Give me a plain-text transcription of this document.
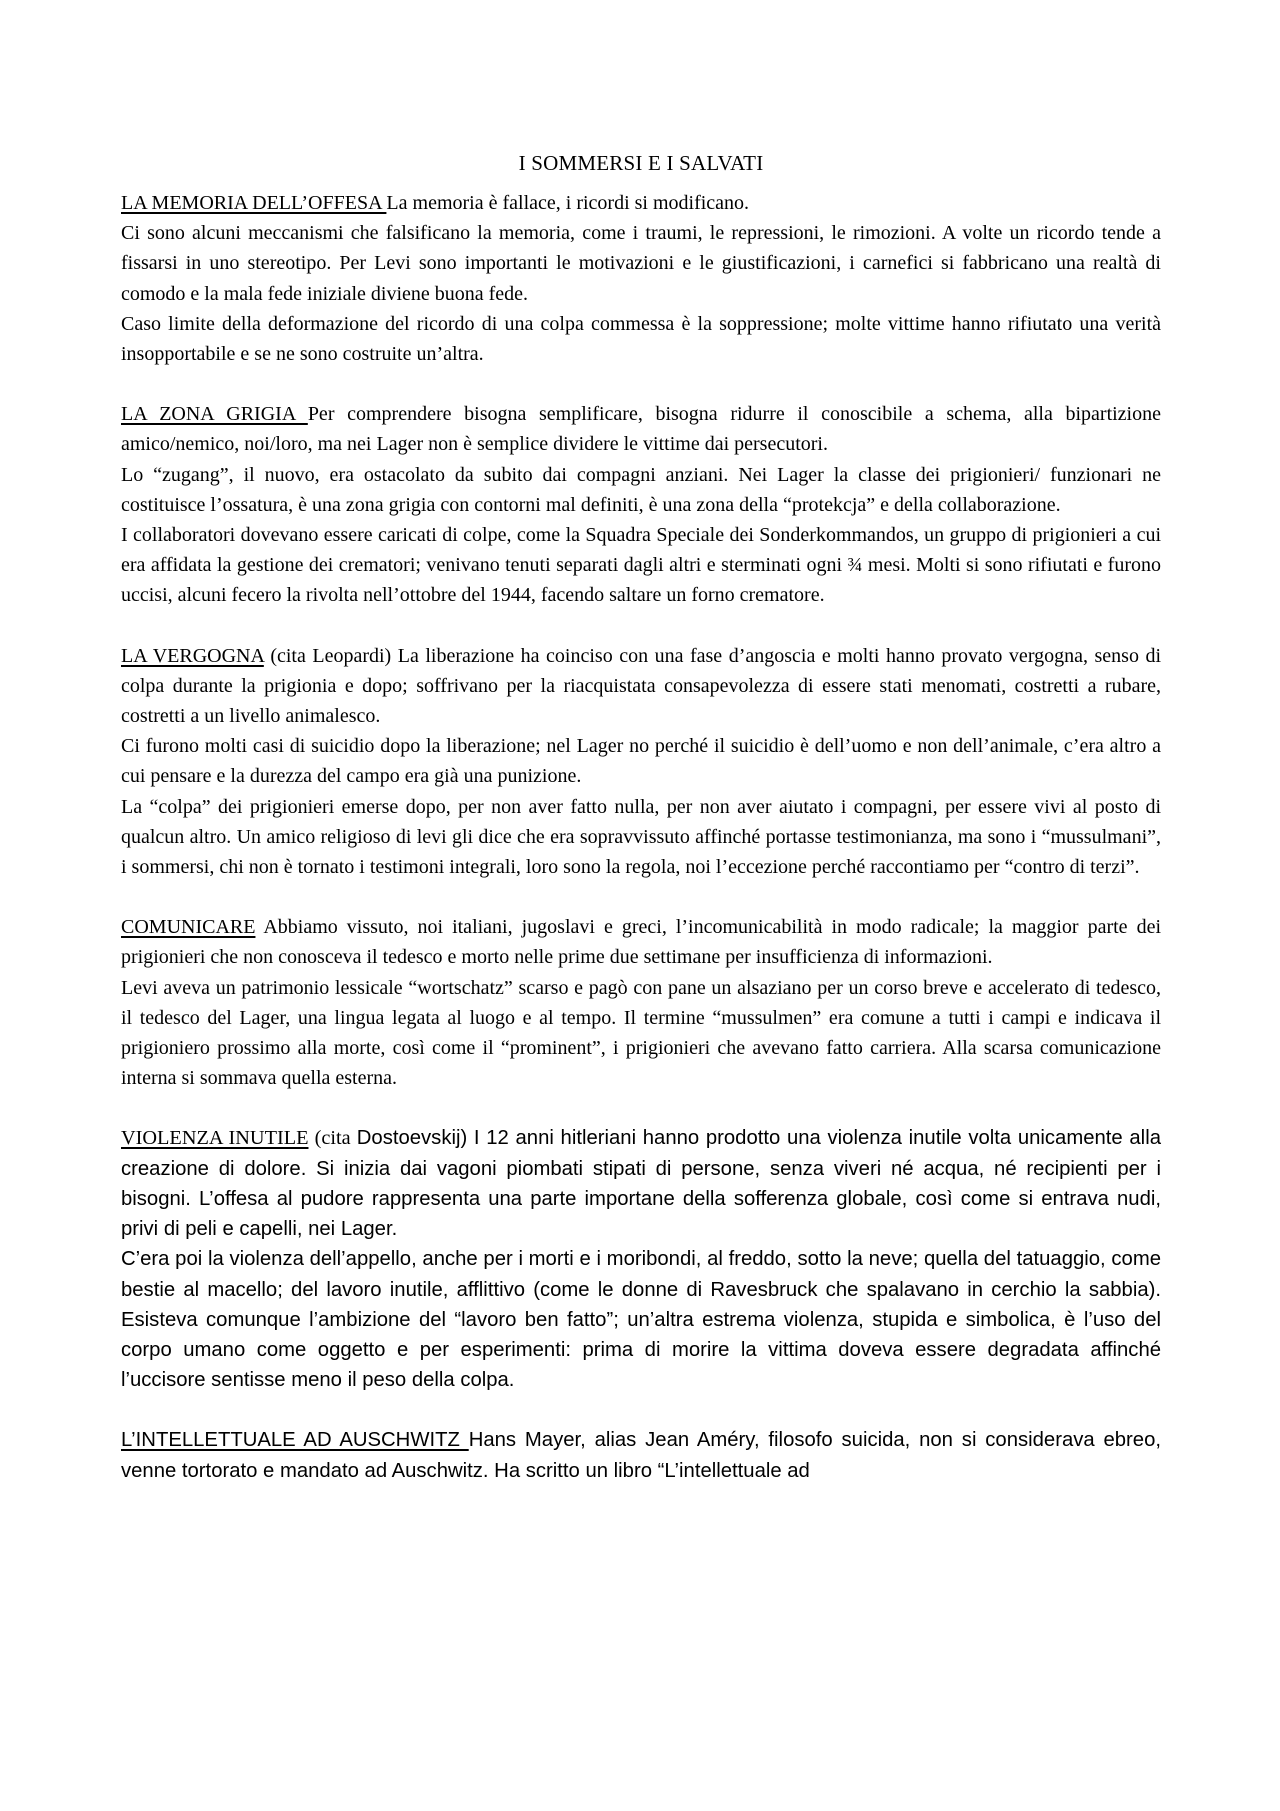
I SOMMERSI E I SALVATI

LA MEMORIA DELL’OFFESA La memoria è fallace, i ricordi si modificano.

Ci sono alcuni meccanismi che falsificano la memoria, come i traumi, le repressioni, le rimozioni. A volte un ricordo tende a fissarsi in uno stereotipo. Per Levi sono importanti le motivazioni e le giustificazioni, i carnefici si fabbricano una realtà di comodo e la mala fede iniziale diviene buona fede.

Caso limite della deformazione del ricordo di una colpa commessa è la soppressione; molte vittime hanno rifiutato una verità insopportabile e se ne sono costruite un’altra.

LA ZONA GRIGIA Per comprendere bisogna semplificare, bisogna ridurre il conoscibile a schema, alla bipartizione amico/nemico, noi/loro, ma nei Lager non è semplice dividere le vittime dai persecutori.

Lo “zugang”, il nuovo, era ostacolato da subito dai compagni anziani. Nei Lager la classe dei prigionieri/ funzionari ne costituisce l’ossatura, è una zona grigia con contorni mal definiti, è una zona della “protekcja” e della collaborazione.

I collaboratori dovevano essere caricati di colpe, come la Squadra Speciale dei Sonderkommandos, un gruppo di prigionieri a cui era affidata la gestione dei crematori; venivano tenuti separati dagli altri e sterminati ogni ¾ mesi. Molti si sono rifiutati e furono uccisi, alcuni fecero la rivolta nell’ottobre del 1944, facendo saltare un forno crematore.

LA VERGOGNA (cita Leopardi) La liberazione ha coinciso con una fase d’angoscia e molti hanno provato vergogna, senso di colpa durante la prigionia e dopo; soffrivano per la riacquistata consapevolezza di essere stati menomati, costretti a rubare, costretti a un livello animalesco.

Ci furono molti casi di suicidio dopo la liberazione; nel Lager no perché il suicidio è dell’uomo e non dell’animale, c’era altro a cui pensare e la durezza del campo era già una punizione.

La “colpa” dei prigionieri emerse dopo, per non aver fatto nulla, per non aver aiutato i compagni, per essere vivi al posto di qualcun altro. Un amico religioso di levi gli dice che era sopravvissuto affinché portasse testimonianza, ma sono i “mussulmani”, i sommersi, chi non è tornato i testimoni integrali, loro sono la regola, noi l’eccezione perché raccontiamo per “contro di terzi”.

COMUNICARE Abbiamo vissuto, noi italiani, jugoslavi e greci, l’incomunicabilità in modo radicale; la maggior parte dei prigionieri che non conosceva il tedesco e morto nelle prime due settimane per insufficienza di informazioni.

Levi aveva un patrimonio lessicale “wortschatz” scarso e pagò con pane un alsaziano per un corso breve e accelerato di tedesco, il tedesco del Lager, una lingua legata al luogo e al tempo. Il termine “mussulmen” era comune a tutti i campi e indicava il prigioniero prossimo alla morte, così come il “prominent”, i prigionieri che avevano fatto carriera. Alla scarsa comunicazione interna si sommava quella esterna.

VIOLENZA INUTILE (cita Dostoevskij) I 12 anni hitleriani hanno prodotto una violenza inutile volta unicamente alla creazione di dolore. Si inizia dai vagoni piombati stipati di persone, senza viveri né acqua, né recipienti per i bisogni. L’offesa al pudore rappresenta una parte importane della sofferenza globale, così come si entrava nudi, privi di peli e capelli, nei Lager.

C’era poi la violenza dell’appello, anche per i morti e i moribondi, al freddo, sotto la neve; quella del tatuaggio, come bestie al macello; del lavoro inutile, afflittivo (come le donne di Ravesbruck che spalavano in cerchio la sabbia). Esisteva comunque l’ambizione del “lavoro ben fatto”; un’altra estrema violenza, stupida e simbolica, è l’uso del corpo umano come oggetto e per esperimenti: prima di morire la vittima doveva essere degradata affinché l’uccisore sentisse meno il peso della colpa.

L’INTELLETTUALE AD AUSCHWITZ Hans Mayer, alias Jean Améry, filosofo suicida, non si considerava ebreo, venne tortorato e mandato ad Auschwitz. Ha scritto un libro “L’intellettuale ad
